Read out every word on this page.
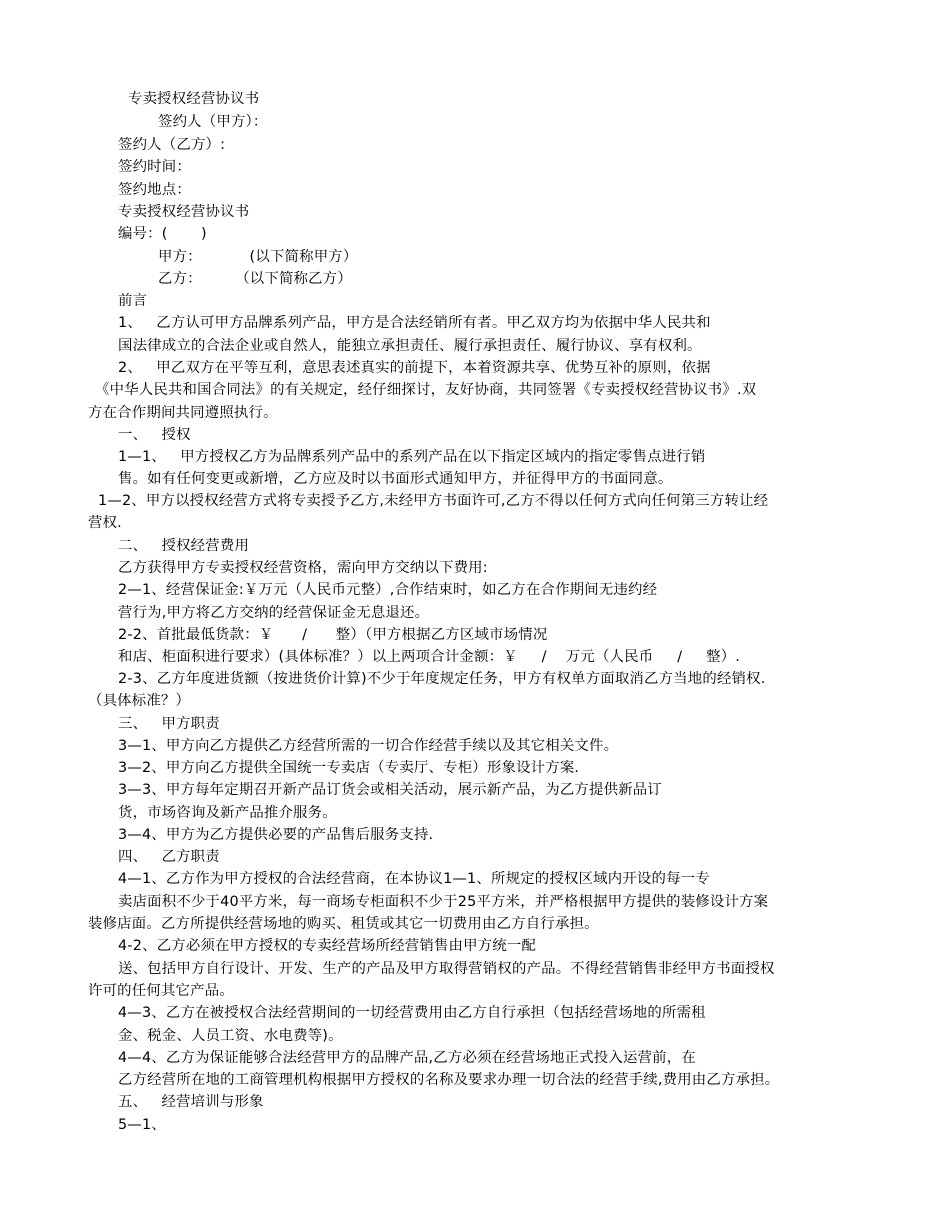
专卖授权经营协议书
签约人（甲方）：
签约人（乙方）:
签约时间：
签约地点：
专卖授权经营协议书
编号：(       )
甲方：          (以下简称甲方）
乙方：       （以下简称乙方）
前言
1、   乙方认可甲方品牌系列产品，甲方是合法经销所有者。甲乙双方均为依据中华人民共和
国法律成立的合法企业或自然人，能独立承担责任、履行承担责任、履行协议、享有权利。
2、   甲乙双方在平等互利，意思表述真实的前提下，本着资源共享、优势互补的原则，依据
《中华人民共和国合同法》的有关规定，经仔细探讨，友好协商，共同签署《专卖授权经营协议书》.双
方在合作期间共同遵照执行。
一、   授权
1—1、   甲方授权乙方为品牌系列产品中的系列产品在以下指定区域内的指定零售点进行销
售。如有任何变更或新增，乙方应及时以书面形式通知甲方，并征得甲方的书面同意。
1—2、甲方以授权经营方式将专卖授予乙方,未经甲方书面许可,乙方不得以任何方式向任何第三方转让经
营权.
二、   授权经营费用
乙方获得甲方专卖授权经营资格，需向甲方交纳以下费用:
2—1、经营保证金:￥万元（人民币元整）,合作结束时，如乙方在合作期间无违约经
营行为,甲方将乙方交纳的经营保证金无息退还。
2-2、首批最低货款：￥      /      整）（甲方根据乙方区域市场情况
和店、柜面积进行要求）(具体标准？）以上两项合计金额：￥     /    万元（人民币     /     整）.
2-3、乙方年度进货额（按进货价计算)不少于年度规定任务，甲方有权单方面取消乙方当地的经销权.
（具体标准？）
三、   甲方职责
3—1、甲方向乙方提供乙方经营所需的一切合作经营手续以及其它相关文件。
3—2、甲方向乙方提供全国统一专卖店（专卖厅、专柜）形象设计方案.
3—3、甲方每年定期召开新产品订货会或相关活动，展示新产品，为乙方提供新品订
货，市场咨询及新产品推介服务。
3—4、甲方为乙方提供必要的产品售后服务支持.
四、   乙方职责
4—1、乙方作为甲方授权的合法经营商，在本协议1—1、所规定的授权区域内开设的每一专
卖店面积不少于40平方米，每一商场专柜面积不少于25平方米，并严格根据甲方提供的装修设计方案
装修店面。乙方所提供经营场地的购买、租赁或其它一切费用由乙方自行承担。
4-2、乙方必须在甲方授权的专卖经营场所经营销售由甲方统一配
送、包括甲方自行设计、开发、生产的产品及甲方取得营销权的产品。不得经营销售非经甲方书面授权
许可的任何其它产品。
4—3、乙方在被授权合法经营期间的一切经营费用由乙方自行承担（包括经营场地的所需租
金、税金、人员工资、水电费等)。
4—4、乙方为保证能够合法经营甲方的品牌产品,乙方必须在经营场地正式投入运营前，在
乙方经营所在地的工商管理机构根据甲方授权的名称及要求办理一切合法的经营手续,费用由乙方承担。
五、   经营培训与形象
5—1、
